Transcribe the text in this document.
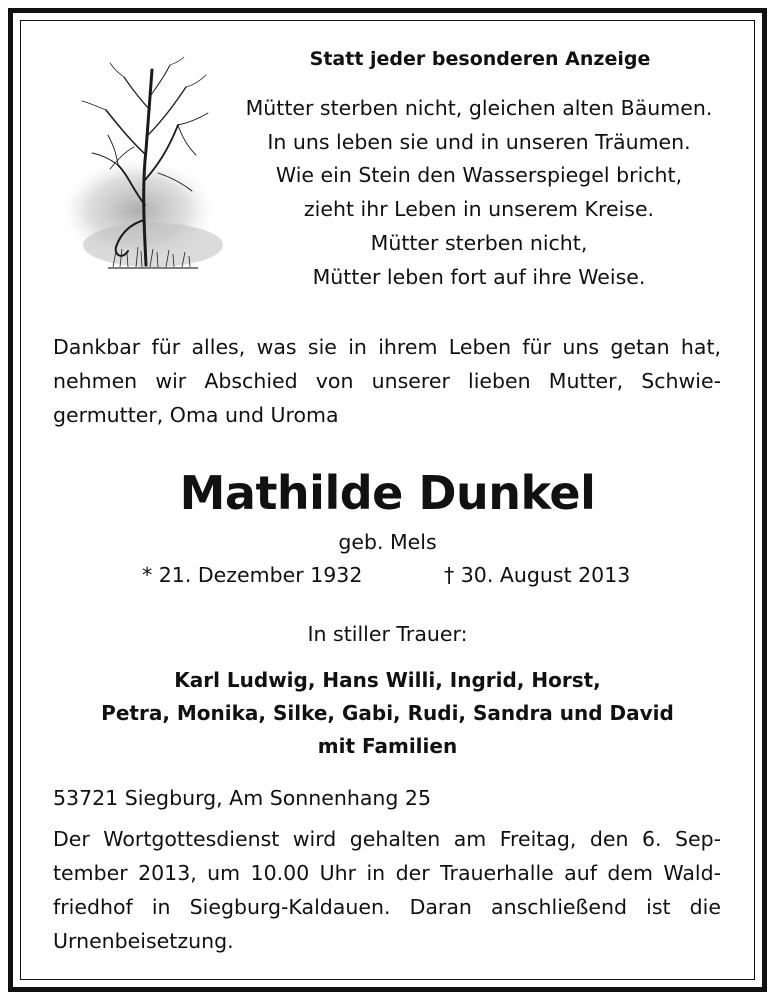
Statt jeder besonderen Anzeige
Mütter sterben nicht, gleichen alten Bäumen.
In uns leben sie und in unseren Träumen.
Wie ein Stein den Wasserspiegel bricht,
zieht ihr Leben in unserem Kreise.
Mütter sterben nicht,
Mütter leben fort auf ihre Weise.
Dankbar für alles, was sie in ihrem Leben für uns getan hat,
nehmen wir Abschied von unserer lieben Mutter, Schwie-
germutter, Oma und Uroma
Mathilde Dunkel
geb. Mels
* 21. Dezember 1932	† 30. August 2013
In stiller Trauer:
Karl Ludwig, Hans Willi, Ingrid, Horst,
Petra, Monika, Silke, Gabi, Rudi, Sandra und David
mit Familien
53721 Siegburg, Am Sonnenhang 25
Der Wortgottesdienst wird gehalten am Freitag, den 6. Sep-
tember 2013, um 10.00 Uhr in der Trauerhalle auf dem Wald-
friedhof in Siegburg-Kaldauen. Daran anschließend ist die
Urnenbeisetzung.
